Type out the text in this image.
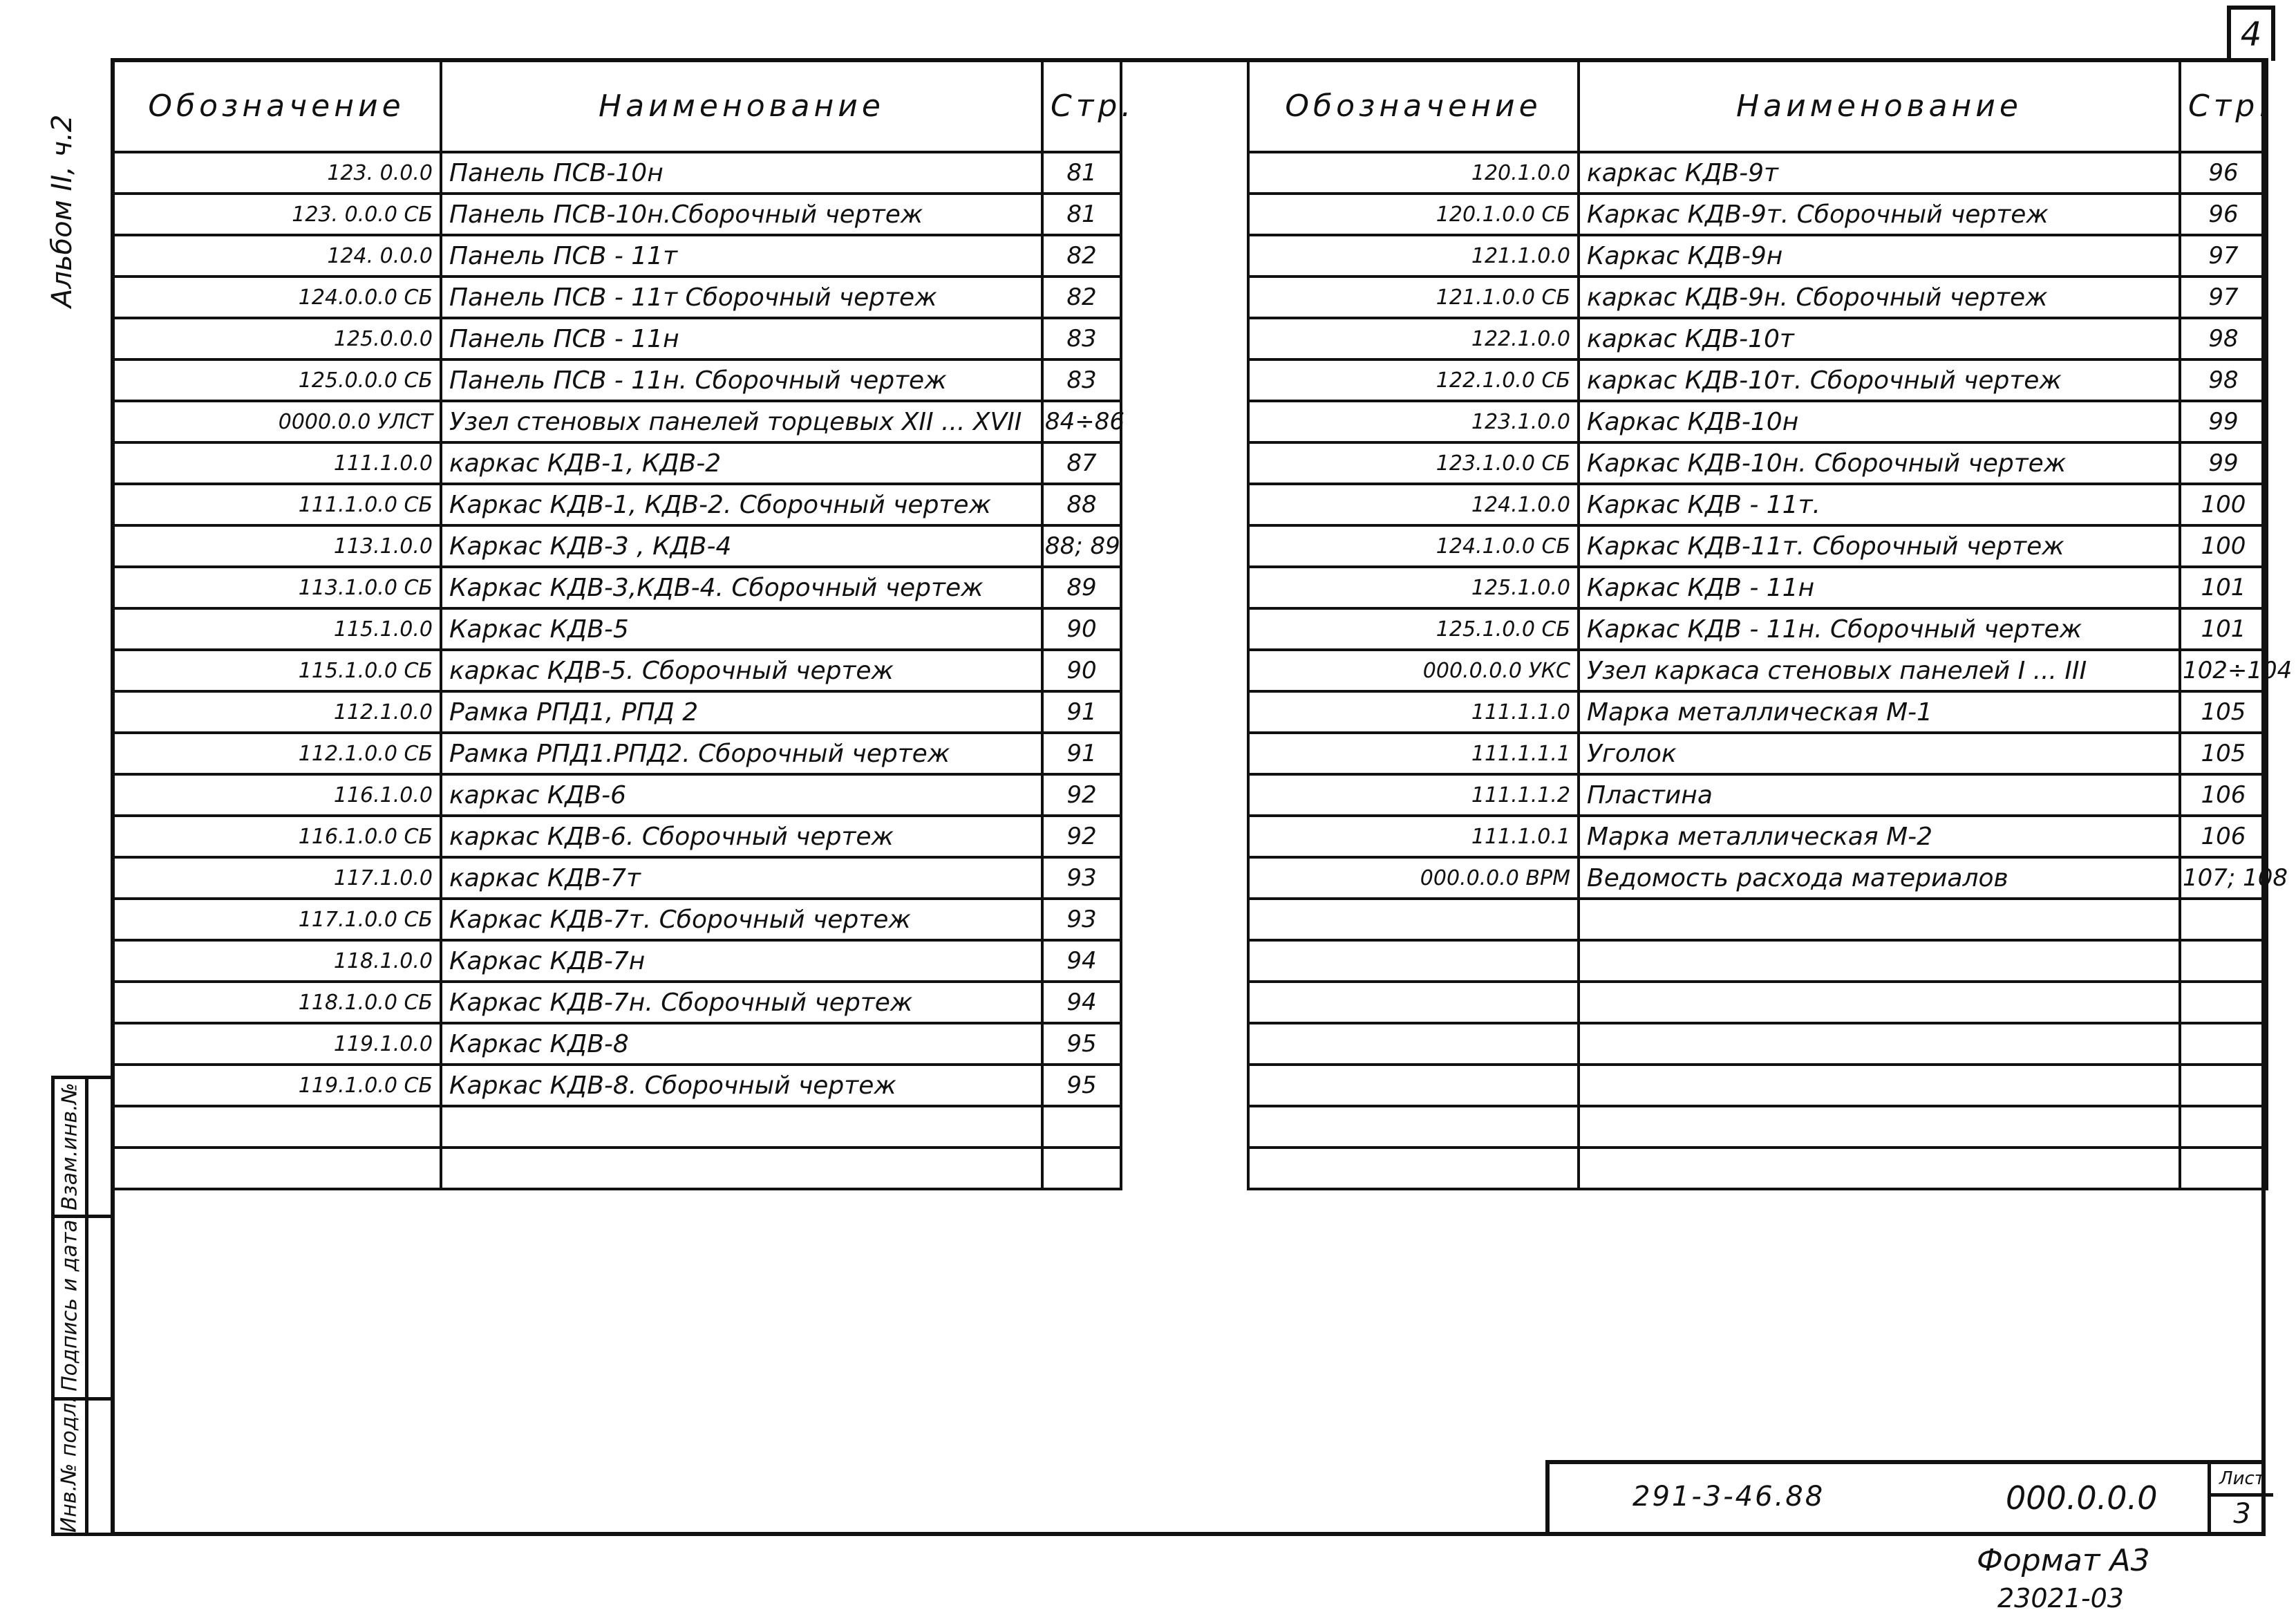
4
Альбом II, ч.2
Взам.инв.№
Подпись и дата
Инв.№ подл.
Обозначение	Наименование	Стр.
123. 0.0.0	Панель ПСВ-10н	81
123. 0.0.0 СБ	Панель ПСВ-10н.Сборочный чертеж	81
124. 0.0.0	Панель ПСВ - 11т	82
124.0.0.0 СБ	Панель ПСВ - 11т Сборочный чертеж	82
125.0.0.0	Панель ПСВ - 11н	83
125.0.0.0 СБ	Панель ПСВ - 11н. Сборочный чертеж	83
0000.0.0 УЛСТ	Узел стеновых панелей торцевых XII ... XVII	84÷86
111.1.0.0	каркас КДВ-1, КДВ-2	87
111.1.0.0 СБ	Каркас КДВ-1, КДВ-2. Сборочный чертеж	88
113.1.0.0	Каркас КДВ-3 , КДВ-4	88; 89
113.1.0.0 СБ	Каркас КДВ-3,КДВ-4. Сборочный чертеж	89
115.1.0.0	Каркас КДВ-5	90
115.1.0.0 СБ	каркас КДВ-5. Сборочный чертеж	90
112.1.0.0	Рамка РПД1, РПД 2	91
112.1.0.0 СБ	Рамка РПД1.РПД2. Сборочный чертеж	91
116.1.0.0	каркас КДВ-6	92
116.1.0.0 СБ	каркас КДВ-6. Сборочный чертеж	92
117.1.0.0	каркас КДВ-7т	93
117.1.0.0 СБ	Каркас КДВ-7т. Сборочный чертеж	93
118.1.0.0	Каркас КДВ-7н	94
118.1.0.0 СБ	Каркас КДВ-7н. Сборочный чертеж	94
119.1.0.0	Каркас КДВ-8	95
119.1.0.0 СБ	Каркас КДВ-8. Сборочный чертеж	95

Обозначение	Наименование	Стр.
120.1.0.0	каркас КДВ-9т	96
120.1.0.0 СБ	Каркас КДВ-9т. Сборочный чертеж	96
121.1.0.0	Каркас КДВ-9н	97
121.1.0.0 СБ	каркас КДВ-9н. Сборочный чертеж	97
122.1.0.0	каркас КДВ-10т	98
122.1.0.0 СБ	каркас КДВ-10т. Сборочный чертеж	98
123.1.0.0	Каркас КДВ-10н	99
123.1.0.0 СБ	Каркас КДВ-10н. Сборочный чертеж	99
124.1.0.0	Каркас КДВ - 11т.	100
124.1.0.0 СБ	Каркас КДВ-11т. Сборочный чертеж	100
125.1.0.0	Каркас КДВ - 11н	101
125.1.0.0 СБ	Каркас КДВ - 11н. Сборочный чертеж	101
000.0.0.0 УКС	Узел каркаса стеновых панелей I ... III	102÷104
111.1.1.0	Марка металлическая М-1	105
111.1.1.1	Уголок	105
111.1.1.2	Пластина	106
111.1.0.1	Марка металлическая М-2	106
000.0.0.0 ВРМ	Ведомость расхода материалов	107; 108

291-3-46.88	000.0.0.0
Лист
3
Формат А3
23021-03
